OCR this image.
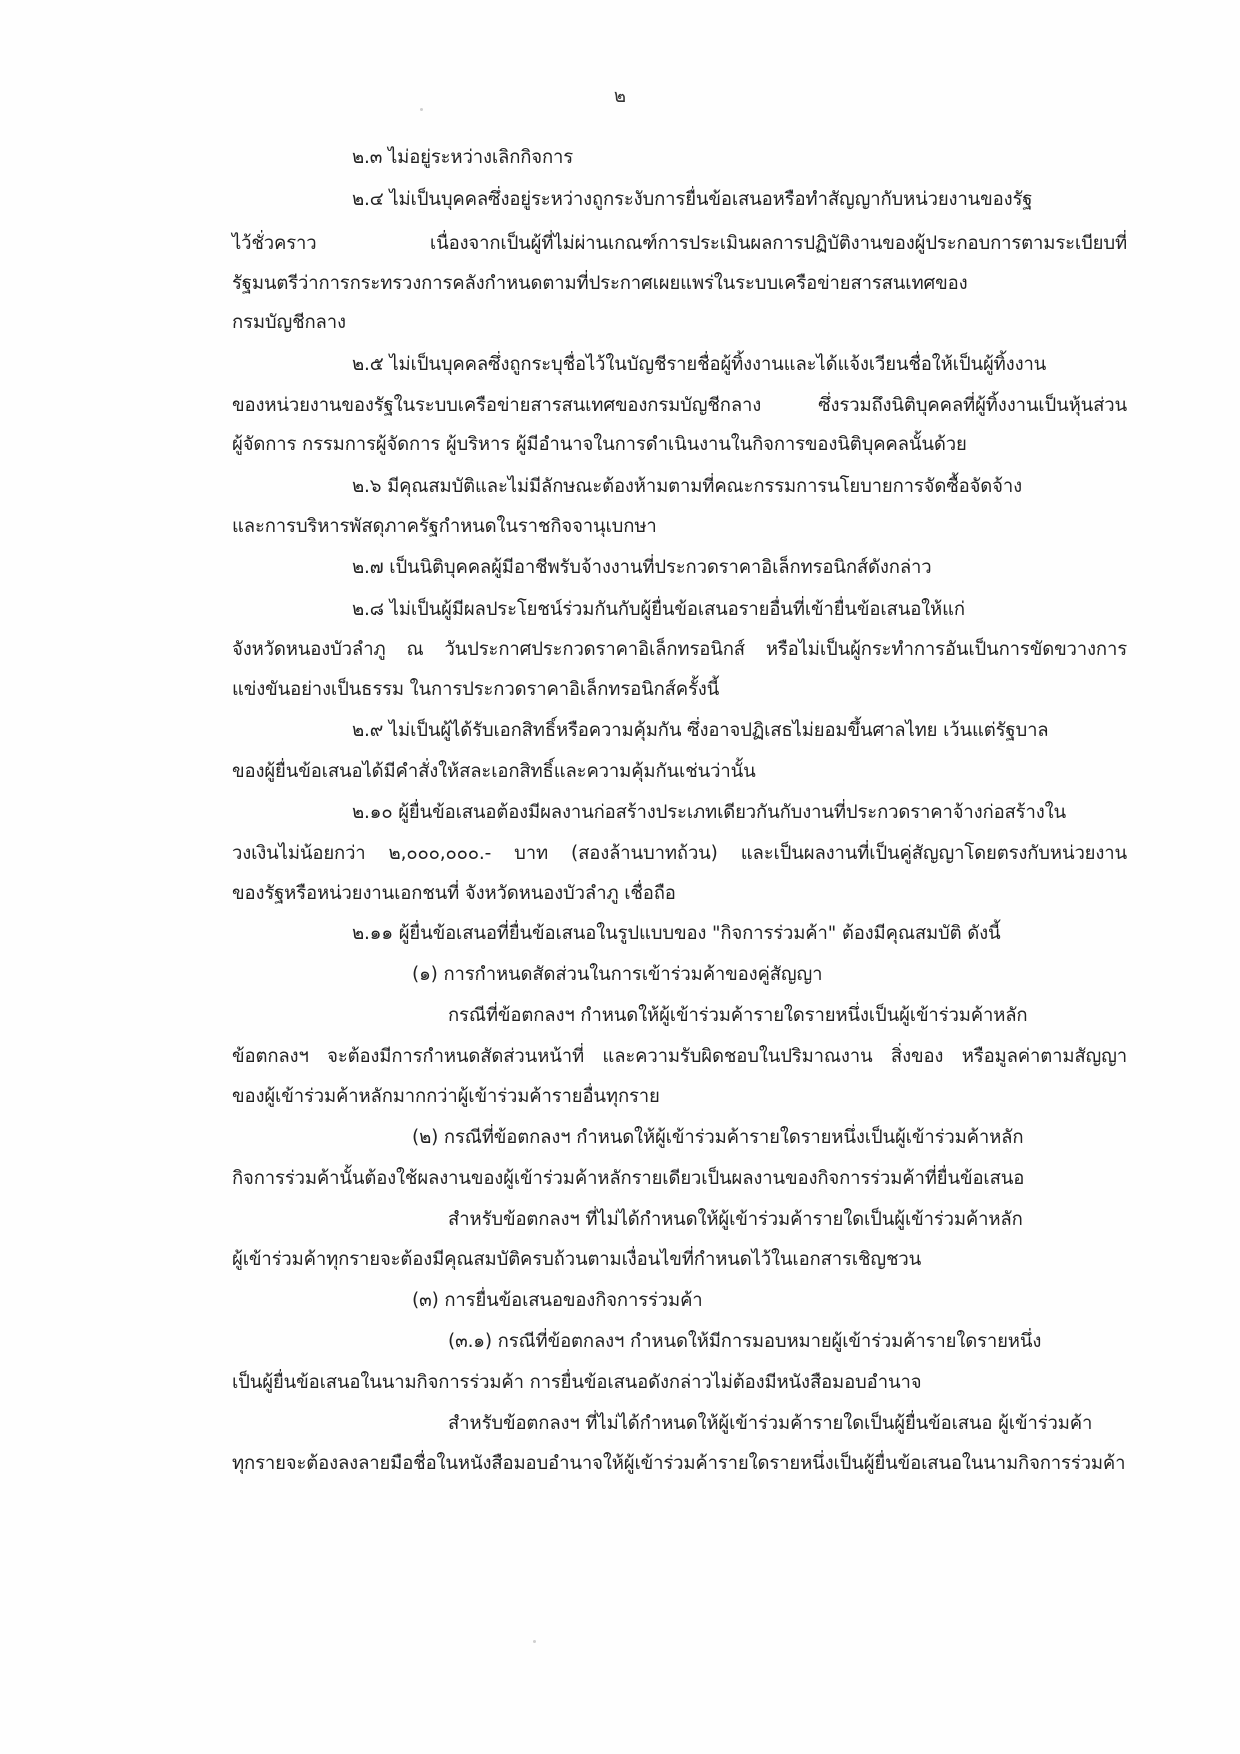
๒
๒.๓ ไม่อยู่ระหว่างเลิกกิจการ
๒.๔ ไม่เป็นบุคคลซึ่งอยู่ระหว่างถูกระงับการยื่นข้อเสนอหรือทำสัญญากับหน่วยงานของรัฐ
ไว้ชั่วคราว เนื่องจากเป็นผู้ที่ไม่ผ่านเกณฑ์การประเมินผลการปฏิบัติงานของผู้ประกอบการตามระเบียบที่
รัฐมนตรีว่าการกระทรวงการคลังกำหนดตามที่ประกาศเผยแพร่ในระบบเครือข่ายสารสนเทศของ
กรมบัญชีกลาง
๒.๕ ไม่เป็นบุคคลซึ่งถูกระบุชื่อไว้ในบัญชีรายชื่อผู้ทิ้งงานและได้แจ้งเวียนชื่อให้เป็นผู้ทิ้งงาน
ของหน่วยงานของรัฐในระบบเครือข่ายสารสนเทศของกรมบัญชีกลาง ซึ่งรวมถึงนิติบุคคลที่ผู้ทิ้งงานเป็นหุ้นส่วน
ผู้จัดการ กรรมการผู้จัดการ ผู้บริหาร ผู้มีอำนาจในการดำเนินงานในกิจการของนิติบุคคลนั้นด้วย
๒.๖ มีคุณสมบัติและไม่มีลักษณะต้องห้ามตามที่คณะกรรมการนโยบายการจัดซื้อจัดจ้าง
และการบริหารพัสดุภาครัฐกำหนดในราชกิจจานุเบกษา
๒.๗ เป็นนิติบุคคลผู้มีอาชีพรับจ้างงานที่ประกวดราคาอิเล็กทรอนิกส์ดังกล่าว
๒.๘ ไม่เป็นผู้มีผลประโยชน์ร่วมกันกับผู้ยื่นข้อเสนอรายอื่นที่เข้ายื่นข้อเสนอให้แก่
จังหวัดหนองบัวลำภู ณ วันประกาศประกวดราคาอิเล็กทรอนิกส์ หรือไม่เป็นผู้กระทำการอันเป็นการขัดขวางการ
แข่งขันอย่างเป็นธรรม ในการประกวดราคาอิเล็กทรอนิกส์ครั้งนี้
๒.๙ ไม่เป็นผู้ได้รับเอกสิทธิ์หรือความคุ้มกัน ซึ่งอาจปฏิเสธไม่ยอมขึ้นศาลไทย เว้นแต่รัฐบาล
ของผู้ยื่นข้อเสนอได้มีคำสั่งให้สละเอกสิทธิ์และความคุ้มกันเช่นว่านั้น
๒.๑๐ ผู้ยื่นข้อเสนอต้องมีผลงานก่อสร้างประเภทเดียวกันกับงานที่ประกวดราคาจ้างก่อสร้างใน
วงเงินไม่น้อยกว่า ๒,๐๐๐,๐๐๐.- บาท (สองล้านบาทถ้วน) และเป็นผลงานที่เป็นคู่สัญญาโดยตรงกับหน่วยงาน
ของรัฐหรือหน่วยงานเอกชนที่ จังหวัดหนองบัวลำภู เชื่อถือ
๒.๑๑ ผู้ยื่นข้อเสนอที่ยื่นข้อเสนอในรูปแบบของ "กิจการร่วมค้า" ต้องมีคุณสมบัติ ดังนี้
(๑) การกำหนดสัดส่วนในการเข้าร่วมค้าของคู่สัญญา
กรณีที่ข้อตกลงฯ กำหนดให้ผู้เข้าร่วมค้ารายใดรายหนึ่งเป็นผู้เข้าร่วมค้าหลัก
ข้อตกลงฯ จะต้องมีการกำหนดสัดส่วนหน้าที่ และความรับผิดชอบในปริมาณงาน สิ่งของ หรือมูลค่าตามสัญญา
ของผู้เข้าร่วมค้าหลักมากกว่าผู้เข้าร่วมค้ารายอื่นทุกราย
(๒) กรณีที่ข้อตกลงฯ กำหนดให้ผู้เข้าร่วมค้ารายใดรายหนึ่งเป็นผู้เข้าร่วมค้าหลัก
กิจการร่วมค้านั้นต้องใช้ผลงานของผู้เข้าร่วมค้าหลักรายเดียวเป็นผลงานของกิจการร่วมค้าที่ยื่นข้อเสนอ
สำหรับข้อตกลงฯ ที่ไม่ได้กำหนดให้ผู้เข้าร่วมค้ารายใดเป็นผู้เข้าร่วมค้าหลัก
ผู้เข้าร่วมค้าทุกรายจะต้องมีคุณสมบัติครบถ้วนตามเงื่อนไขที่กำหนดไว้ในเอกสารเชิญชวน
(๓) การยื่นข้อเสนอของกิจการร่วมค้า
(๓.๑) กรณีที่ข้อตกลงฯ กำหนดให้มีการมอบหมายผู้เข้าร่วมค้ารายใดรายหนึ่ง
เป็นผู้ยื่นข้อเสนอในนามกิจการร่วมค้า การยื่นข้อเสนอดังกล่าวไม่ต้องมีหนังสือมอบอำนาจ
สำหรับข้อตกลงฯ ที่ไม่ได้กำหนดให้ผู้เข้าร่วมค้ารายใดเป็นผู้ยื่นข้อเสนอ ผู้เข้าร่วมค้า
ทุกรายจะต้องลงลายมือชื่อในหนังสือมอบอำนาจให้ผู้เข้าร่วมค้ารายใดรายหนึ่งเป็นผู้ยื่นข้อเสนอในนามกิจการร่วมค้า
